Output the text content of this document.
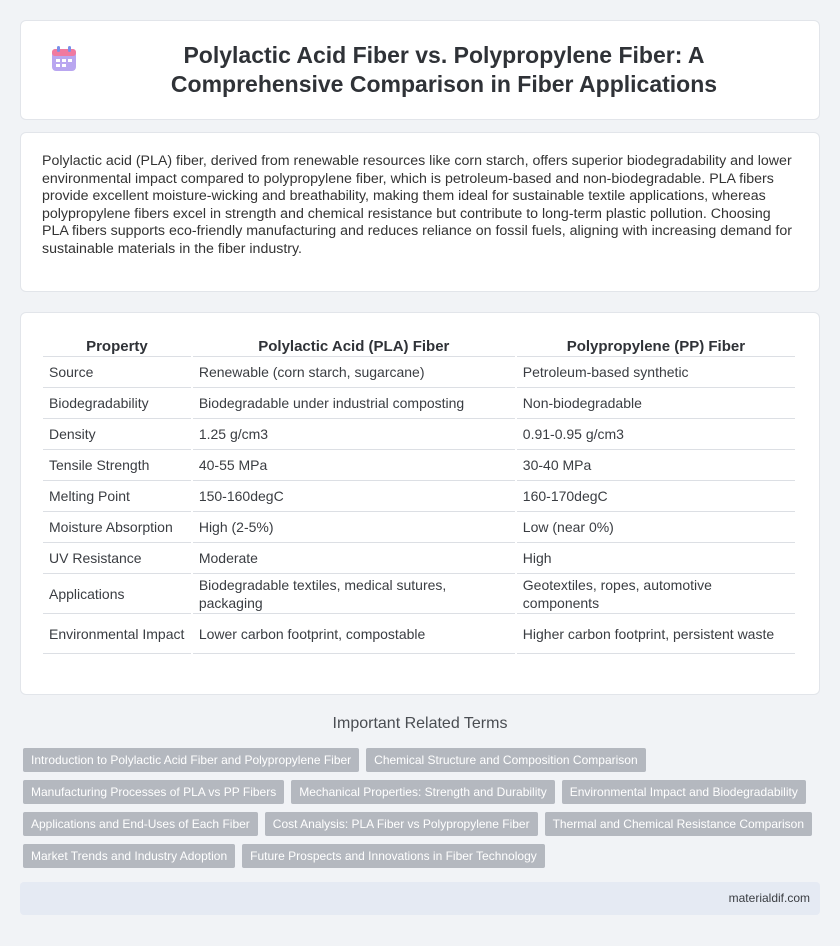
Polylactic Acid Fiber vs. Polypropylene Fiber: A Comprehensive Comparison in Fiber Applications

Polylactic acid (PLA) fiber, derived from renewable resources like corn starch, offers superior biodegradability and lower environmental impact compared to polypropylene fiber, which is petroleum-based and non-biodegradable. PLA fibers provide excellent moisture-wicking and breathability, making them ideal for sustainable textile applications, whereas polypropylene fibers excel in strength and chemical resistance but contribute to long-term plastic pollution. Choosing PLA fibers supports eco-friendly manufacturing and reduces reliance on fossil fuels, aligning with increasing demand for sustainable materials in the fiber industry.

Property	Polylactic Acid (PLA) Fiber	Polypropylene (PP) Fiber
Source	Renewable (corn starch, sugarcane)	Petroleum-based synthetic
Biodegradability	Biodegradable under industrial composting	Non-biodegradable
Density	1.25 g/cm3	0.91-0.95 g/cm3
Tensile Strength	40-55 MPa	30-40 MPa
Melting Point	150-160degC	160-170degC
Moisture Absorption	High (2-5%)	Low (near 0%)
UV Resistance	Moderate	High
Applications	Biodegradable textiles, medical sutures, packaging	Geotextiles, ropes, automotive components
Environmental Impact	Lower carbon footprint, compostable	Higher carbon footprint, persistent waste
Important Related Terms
Introduction to Polylactic Acid Fiber and Polypropylene Fiber	Chemical Structure and Composition Comparison
Manufacturing Processes of PLA vs PP Fibers	Mechanical Properties: Strength and Durability	Environmental Impact and Biodegradability
Applications and End-Uses of Each Fiber	Cost Analysis: PLA Fiber vs Polypropylene Fiber	Thermal and Chemical Resistance Comparison
Market Trends and Industry Adoption	Future Prospects and Innovations in Fiber Technology
materialdif.com
